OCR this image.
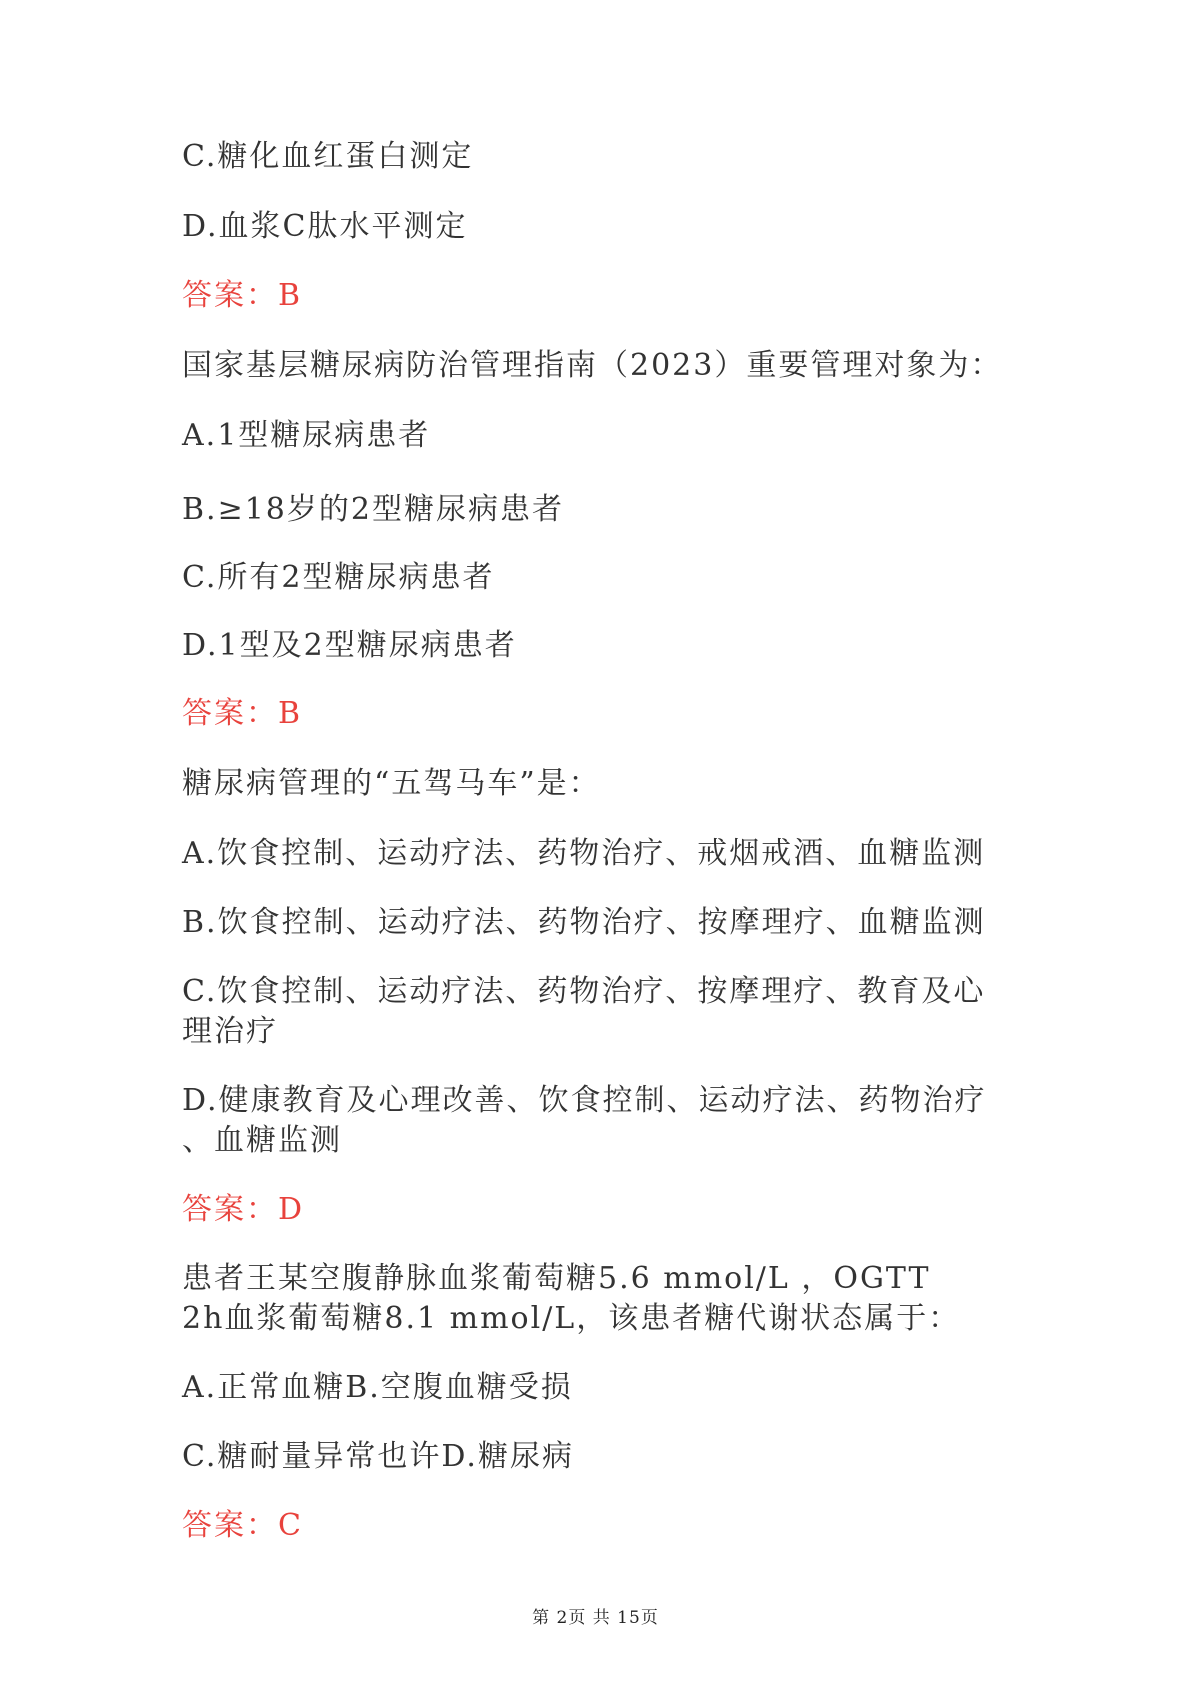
C.糖化血红蛋白测定
D.血浆C肽水平测定
答案：B
国家基层糖尿病防治管理指南（2023）重要管理对象为：
A.1型糖尿病患者
B.≥18岁的2型糖尿病患者
C.所有2型糖尿病患者
D.1型及2型糖尿病患者
答案：B
糖尿病管理的“五驾马车”是：
A.饮食控制、运动疗法、药物治疗、戒烟戒酒、血糖监测
B.饮食控制、运动疗法、药物治疗、按摩理疗、血糖监测
C.饮食控制、运动疗法、药物治疗、按摩理疗、教育及心
理治疗
D.健康教育及心理改善、饮食控制、运动疗法、药物治疗
、血糖监测
答案：D
患者王某空腹静脉血浆葡萄糖5.6 mmol/L ，OGTT
2h血浆葡萄糖8.1 mmol/L，该患者糖代谢状态属于：
A.正常血糖B.空腹血糖受损
C.糖耐量异常也许D.糖尿病
答案：C
第 2页 共 15页
